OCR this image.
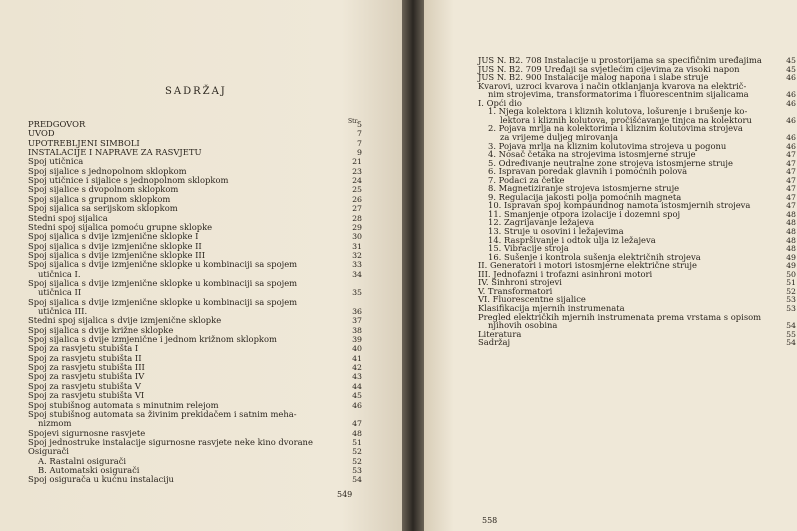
SADRŽAJ
Str.
PREDGOVOR	5
UVOD	7
UPOTREBLJENI SIMBOLI	7
INSTALACIJE I NAPRAVE ZA RASVJETU	9
Spoj utičnica	21
Spoj sijalice s jednopolnom sklopkom	23
Spoj utičnice i sijalice s jednopolnom sklopkom	24
Spoj sijalice s dvopolnom sklopkom	25
Spoj sijalica s grupnom sklopkom	26
Spoj sijalica sa serijskom sklopkom	27
Stedni spoj sijalica	28
Stedni spoj sijalica pomoću grupne sklopke	29
Spoj sijalica s dvije izmjenične sklopke I	30
Spoj sijalica s dvije izmjenične sklopke II	31
Spoj sijalica s dvije izmjenične sklopke III	32
Spoj sijalica s dvije izmjenične sklopke u kombinaciji sa spojem	33
utičnica I.	34
Spoj sijalica s dvije izmjenične sklopke u kombinaciji sa spojem
utičnica II	35
Spoj sijalica s dvije izmjenične sklopke u kombinaciji sa spojem
utičnica III.	36
Stedni spoj sijalica s dvije izmjenične sklopke	37
Spoj sijalica s dvije križne sklopke	38
Spoj sijalica s dvije izmjenične i jednom križnom sklopkom	39
Spoj za rasvjetu stubišta I	40
Spoj za rasvjetu stubišta II	41
Spoj za rasvjetu stubišta III	42
Spoj za rasvjetu stubišta IV	43
Spoj za rasvjetu stubišta V	44
Spoj za rasvjetu stubišta VI	45
Spoj stubišnog automata s minutnim relejom	46
Spoj stubišnog automata sa živinim prekidačem i satnim meha-
nizmom	47
Spojevi sigurnosne rasvjete	48
Spoj jednostruke instalacije sigurnosne rasvjete neke kino dvorane	51
Osigurači	52
A. Rastalni osigurači	52
B. Automatski osigurači	53
Spoj osigurača u kućnu instalaciju	54
549
JUS N. B2. 708 Instalacije u prostorijama sa specifičnim uređajima	45
JUS N. B2. 709 Uređaji sa svjetlećim cijevima za visoki napon	45
JUS N. B2. 900 Instalacije malog napona i slabe struje	46
Kvarovi, uzroci kvarova i način otklanjanja kvarova na električ-
nim strojevima, transformatorima i fluorescentnim sijalicama	46
I. Opći dio	46
1. Njega kolektora i kliznih kolutova, lošurenje i brušenje ko-
lektora i kliznih kolutova, pročišćavanje tinjca na kolektoru	46
2. Pojava mrlja na kolektorima i kliznim kolutovima strojeva
za vrijeme duljeg mirovanja	46
3. Pojava mrlja na kliznim kolutovima strojeva u pogonu	46
4. Nosač četaka na strojevima istosmjerne struje	47
5. Određivanje neutralne zone strojeva istosmjerne struje	47
6. Ispravan poredak glavnih i pomoćnih polova	47
7. Podaci za četke	47
8. Magnetiziranje strojeva istosmjerne struje	47
9. Regulacija jakosti polja pomoćnih magneta	47
10. Ispravan spoj kompaundnog namota istosmjernih strojeva	47
11. Smanjenje otpora izolacije i dozemni spoj	48
12. Zagrijavanje ležajeva	48
13. Struje u osovini i ležajevima	48
14. Raspršivanje i odtok ulja iz ležajeva	48
15. Vibracije stroja	48
16. Sušenje i kontrola sušenja električnih strojeva	49
II. Generatori i motori istosmjerne električne struje	49
III. Jednofazni i trofazni asinhroni motori	50
IV. Sinhroni strojevi	51
V. Transformatori	52
VI. Fluorescentne sijalice	53
Klasifikacija mjernih instrumenata	53
Pregled električkih mjernih instrumenata prema vrstama s opisom
njihovih osobina	54
Literatura	55
Sadržaj	54
558
